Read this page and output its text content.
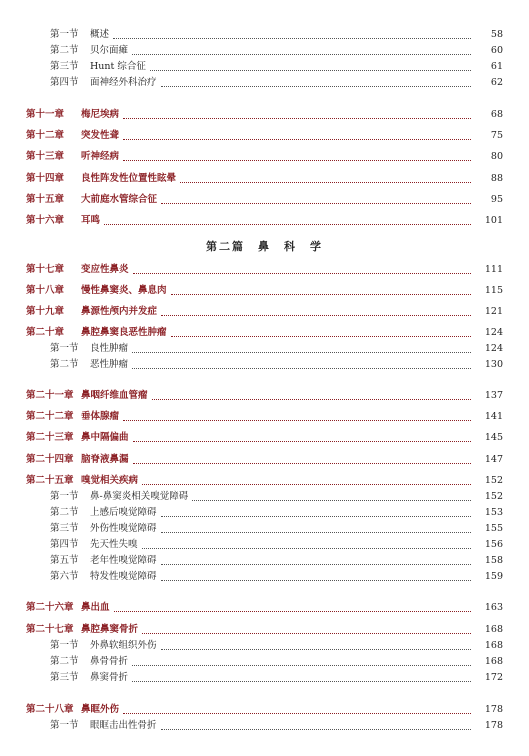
第一节	概述	58
第二节	贝尔面瘫	60
第三节	Hunt 综合征	61
第四节	面神经外科治疗	62
第十一章	梅尼埃病	68
第十二章	突发性聋	75
第十三章	听神经病	80
第十四章	良性阵发性位置性眩晕	88
第十五章	大前庭水管综合征	95
第十六章	耳鸣	101
第二篇　鼻　科　学
第十七章	变应性鼻炎	111
第十八章	慢性鼻窦炎、鼻息肉	115
第十九章	鼻源性颅内并发症	121
第二十章	鼻腔鼻窦良恶性肿瘤	124
第一节	良性肿瘤	124
第二节	恶性肿瘤	130
第二十一章 鼻咽纤维血管瘤	137
第二十二章 垂体腺瘤	141
第二十三章 鼻中隔偏曲	145
第二十四章 脑脊液鼻漏	147
第二十五章 嗅觉相关疾病	152
第一节	鼻-鼻窦炎相关嗅觉障碍	152
第二节	上感后嗅觉障碍	153
第三节	外伤性嗅觉障碍	155
第四节	先天性失嗅	156
第五节	老年性嗅觉障碍	158
第六节	特发性嗅觉障碍	159
第二十六章 鼻出血	163
第二十七章 鼻腔鼻窦骨折	168
第一节	外鼻软组织外伤	168
第二节	鼻骨骨折	168
第三节	鼻窦骨折	172
第二十八章 鼻眶外伤	178
第一节	眼眶击出性骨折	178
